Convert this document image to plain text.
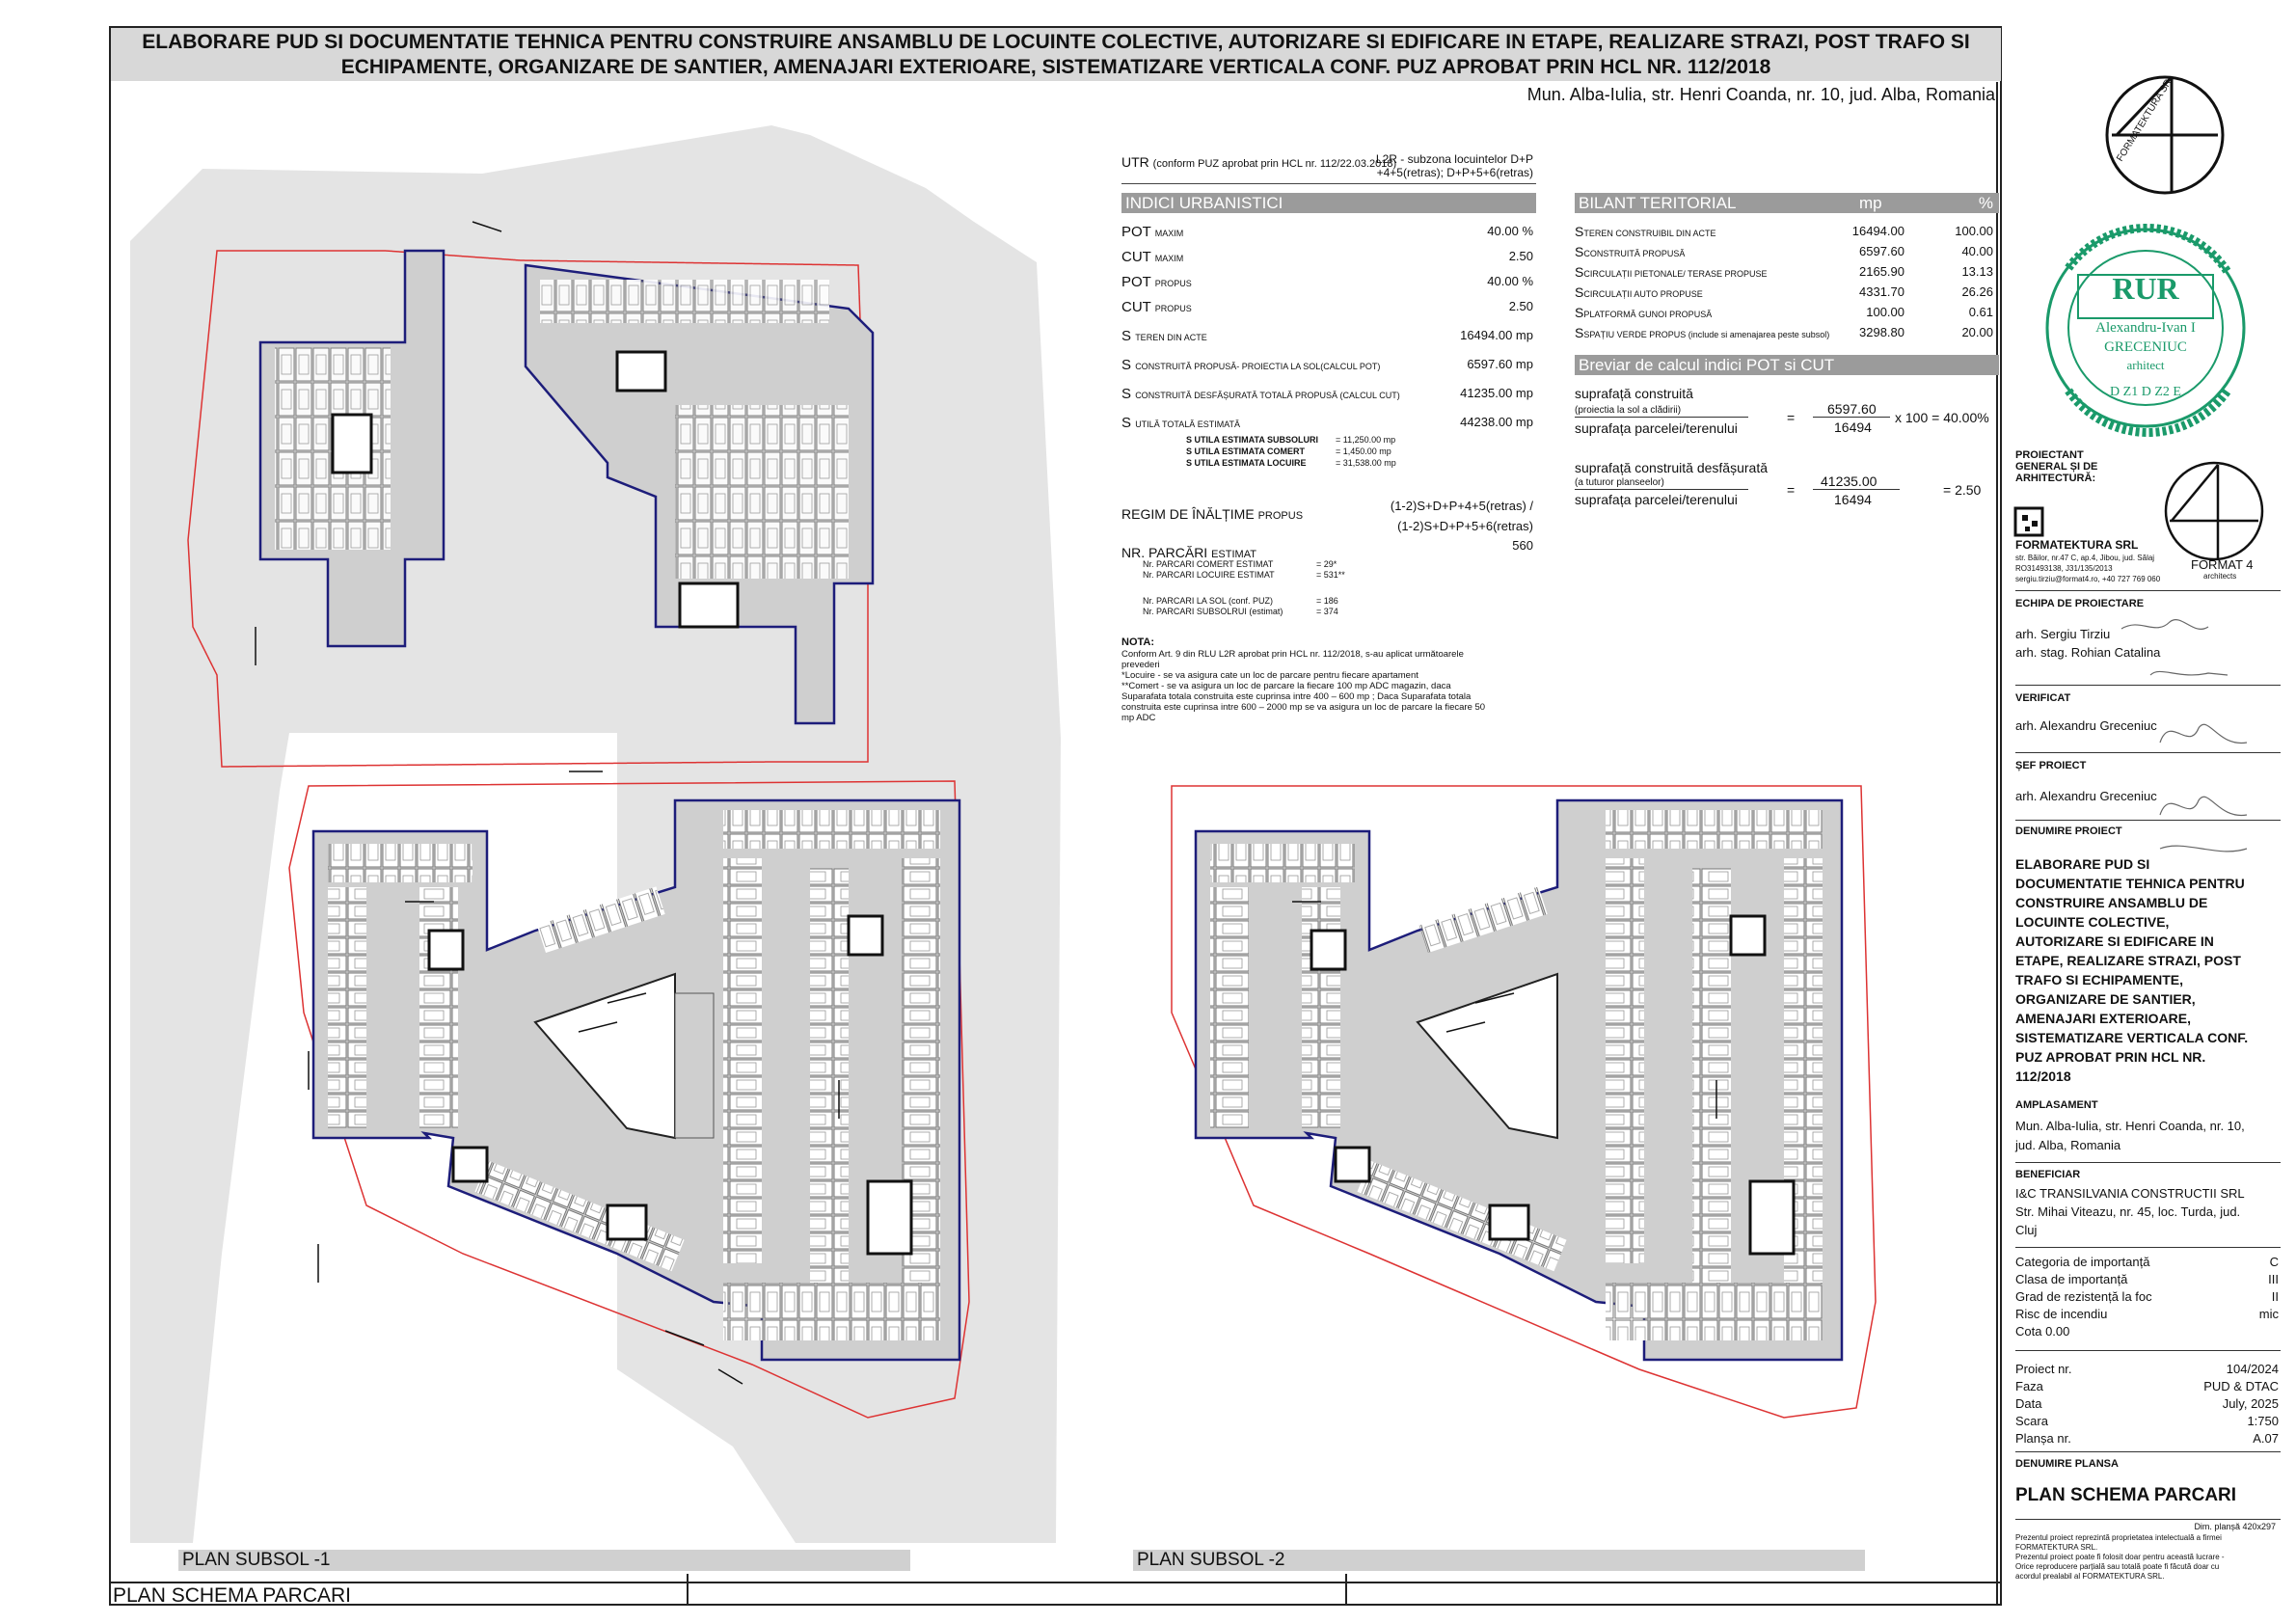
ELABORARE PUD SI DOCUMENTATIE TEHNICA PENTRU CONSTRUIRE ANSAMBLU DE LOCUINTE COLECTIVE, AUTORIZARE SI EDIFICARE IN ETAPE, REALIZARE STRAZI, POST TRAFO SI
ECHIPAMENTE, ORGANIZARE DE SANTIER, AMENAJARI EXTERIOARE, SISTEMATIZARE VERTICALA CONF. PUZ APROBAT PRIN HCL NR. 112/2018
Mun. Alba-Iulia, str. Henri Coanda, nr. 10, jud. Alba, Romania	FORMATEKTURA SRL
RUR
Alexandru-Ivan I
GRECENIUC
arhitect
D Z1 D Z2 E
UTR (conform PUZ aprobat prin HCL nr. 112/22.03.2018)
L2R - subzona locuintelor D+P
+4+5(retras); D+P+5+6(retras)
INDICI URBANISTICI
POT MAXIM	40.00 %
CUT MAXIM	2.50
POT PROPUS	40.00 %
CUT PROPUS	2.50
S TEREN DIN ACTE	16494.00 mp
S CONSTRUITĂ PROPUSĂ- PROIECTIA LA SOL(CALCUL POT)	6597.60 mp
S CONSTRUITĂ DESFĂȘURATĂ TOTALĂ PROPUSĂ (CALCUL CUT)	41235.00 mp
S UTILĂ TOTALĂ ESTIMATĂ	44238.00 mp
S UTILA ESTIMATA SUBSOLURI = 11,250.00 mp
S UTILA ESTIMATA COMERT	= 1,450.00 mp
S UTILA ESTIMATA LOCUIRE	= 31,538.00 mp
REGIM DE ÎNĂLȚIME PROPUS
(1-2)S+D+P+4+5(retras) /
(1-2)S+D+P+5+6(retras)
NR. PARCĂRI ESTIMAT
560
Nr. PARCARI COMERT ESTIMAT	= 29*
Nr. PARCARI LOCUIRE ESTIMAT	= 531**
Nr. PARCARI LA SOL (conf. PUZ)	= 186
Nr. PARCARI SUBSOLRUI (estimat)	= 374
NOTA:
Conform Art. 9 din RLU L2R aprobat prin HCL nr. 112/2018, s-au aplicat următoarele
prevederi
*Locuire - se va asigura cate un loc de parcare pentru fiecare apartament
**Comert - se va asigura un loc de parcare la fiecare 100 mp ADC magazin, daca
Suparafata totala construita este cuprinsa intre 400 – 600 mp ; Daca Suparafata totala
construita este cuprinsa intre 600 – 2000 mp se va asigura un loc de parcare la fiecare 50
mp ADC
BILANT TERITORIAL	mp	%
STEREN CONSTRUIBIL DIN ACTE	16494.00	100.00
SCONSTRUITĂ PROPUSĂ	6597.60	40.00
SCIRCULAȚII PIETONALE/ TERASE PROPUSE	2165.90	13.13
SCIRCULAȚII AUTO PROPUSE	4331.70	26.26
SPLATFORMĂ GUNOI PROPUSĂ	100.00	0.61
SSPAȚIU VERDE PROPUS (include si amenajarea peste subsol)	3298.80	20.00
Breviar de calcul indici POT si CUT
suprafață construită
(proiectia la sol a clădirii)
suprafața parcelei/terenului
=
6597.60
16494
x 100 = 40.00%
suprafață construită desfășurată
(a tuturor planseelor)
suprafața parcelei/terenului
=
41235.00
16494
= 2.50
PLAN SUBSOL -1	PLAN SUBSOL -2
PLAN SCHEMA PARCARI
PROIECTANT GENERAL ȘI DE ARHITECTURĂ:
FORMATEKTURA SRL
str. Băilor, nr.47 C, ap.4, Jibou, jud. Sălaj
RO31493138, J31/135/2013
sergiu.tirziu@format4.ro, +40 727 769 060
FORMAT 4
architects
ECHIPA DE PROIECTARE
arh. Sergiu Tirziu
arh. stag. Rohian Catalina
VERIFICAT
arh. Alexandru Greceniuc
ȘEF PROIECT
arh. Alexandru Greceniuc
DENUMIRE PROIECT
ELABORARE PUD SI
DOCUMENTATIE TEHNICA PENTRU
CONSTRUIRE ANSAMBLU DE
LOCUINTE COLECTIVE,
AUTORIZARE SI EDIFICARE IN
ETAPE, REALIZARE STRAZI, POST
TRAFO SI ECHIPAMENTE,
ORGANIZARE DE SANTIER,
AMENAJARI EXTERIOARE,
SISTEMATIZARE VERTICALA CONF.
PUZ APROBAT PRIN HCL NR.
112/2018
AMPLASAMENT
Mun. Alba-Iulia, str. Henri Coanda, nr. 10,
jud. Alba, Romania
BENEFICIAR
I&C TRANSILVANIA CONSTRUCTII SRL
Str. Mihai Viteazu, nr. 45, loc. Turda, jud.
Cluj
Categoria de importanță	C
Clasa de importanță	III
Grad de rezistență la foc	II
Risc de incendiu	mic
Cota 0.00
Proiect nr.	104/2024
Faza	PUD & DTAC
Data	July, 2025
Scara	1:750
Planșa nr.	A.07
DENUMIRE PLANSA
PLAN SCHEMA PARCARI
Dim. planșă 420x297
Prezentul proiect reprezintă proprietatea intelectuală a firmei
FORMATEKTURA SRL.
Prezentul proiect poate fi folosit doar pentru această lucrare -
Orice reproducere parțială sau totală poate fi făcută doar cu
acordul prealabil al FORMATEKTURA SRL.
